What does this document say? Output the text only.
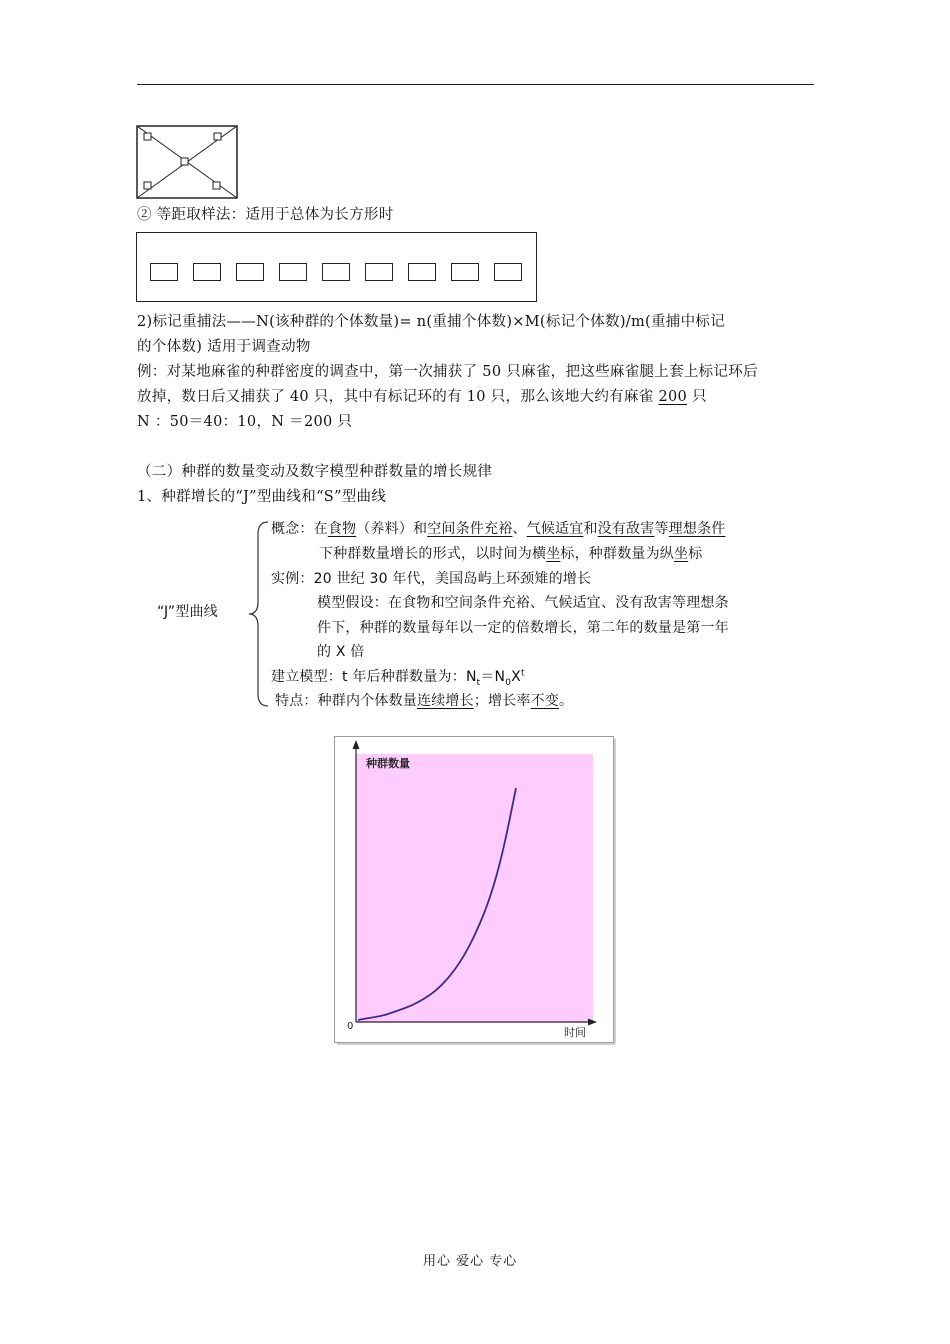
② 等距取样法：适用于总体为长方形时
2)标记重捕法——N(该种群的个体数量)= n(重捕个体数)×M(标记个体数)/m(重捕中标记
的个体数) 适用于调查动物
例：对某地麻雀的种群密度的调查中，第一次捕获了 50 只麻雀，把这些麻雀腿上套上标记环后
放掉，数日后又捕获了 40 只，其中有标记环的有 10 只，那么该地大约有麻雀 200 只
N ：50＝40：10，N ＝200 只
（二）种群的数量变动及数字模型种群数量的增长规律
1、种群增长的“J”型曲线和“S”型曲线
“J”型曲线
概念：在食物（养料）和空间条件充裕、气候适宜和没有敌害等理想条件
下种群数量增长的形式，以时间为横坐标，种群数量为纵坐标
实例：20 世纪 30 年代，美国岛屿上环颈雉的增长
模型假设：在食物和空间条件充裕、气候适宜、没有敌害等理想条
件下，种群的数量每年以一定的倍数增长，第二年的数量是第一年
的 X 倍
建立模型：t 年后种群数量为：$N_t=N_0X^t$
特点：种群内个体数量连续增长；增长率不变。
种群数量
时间
0
用心 爱心 专心
